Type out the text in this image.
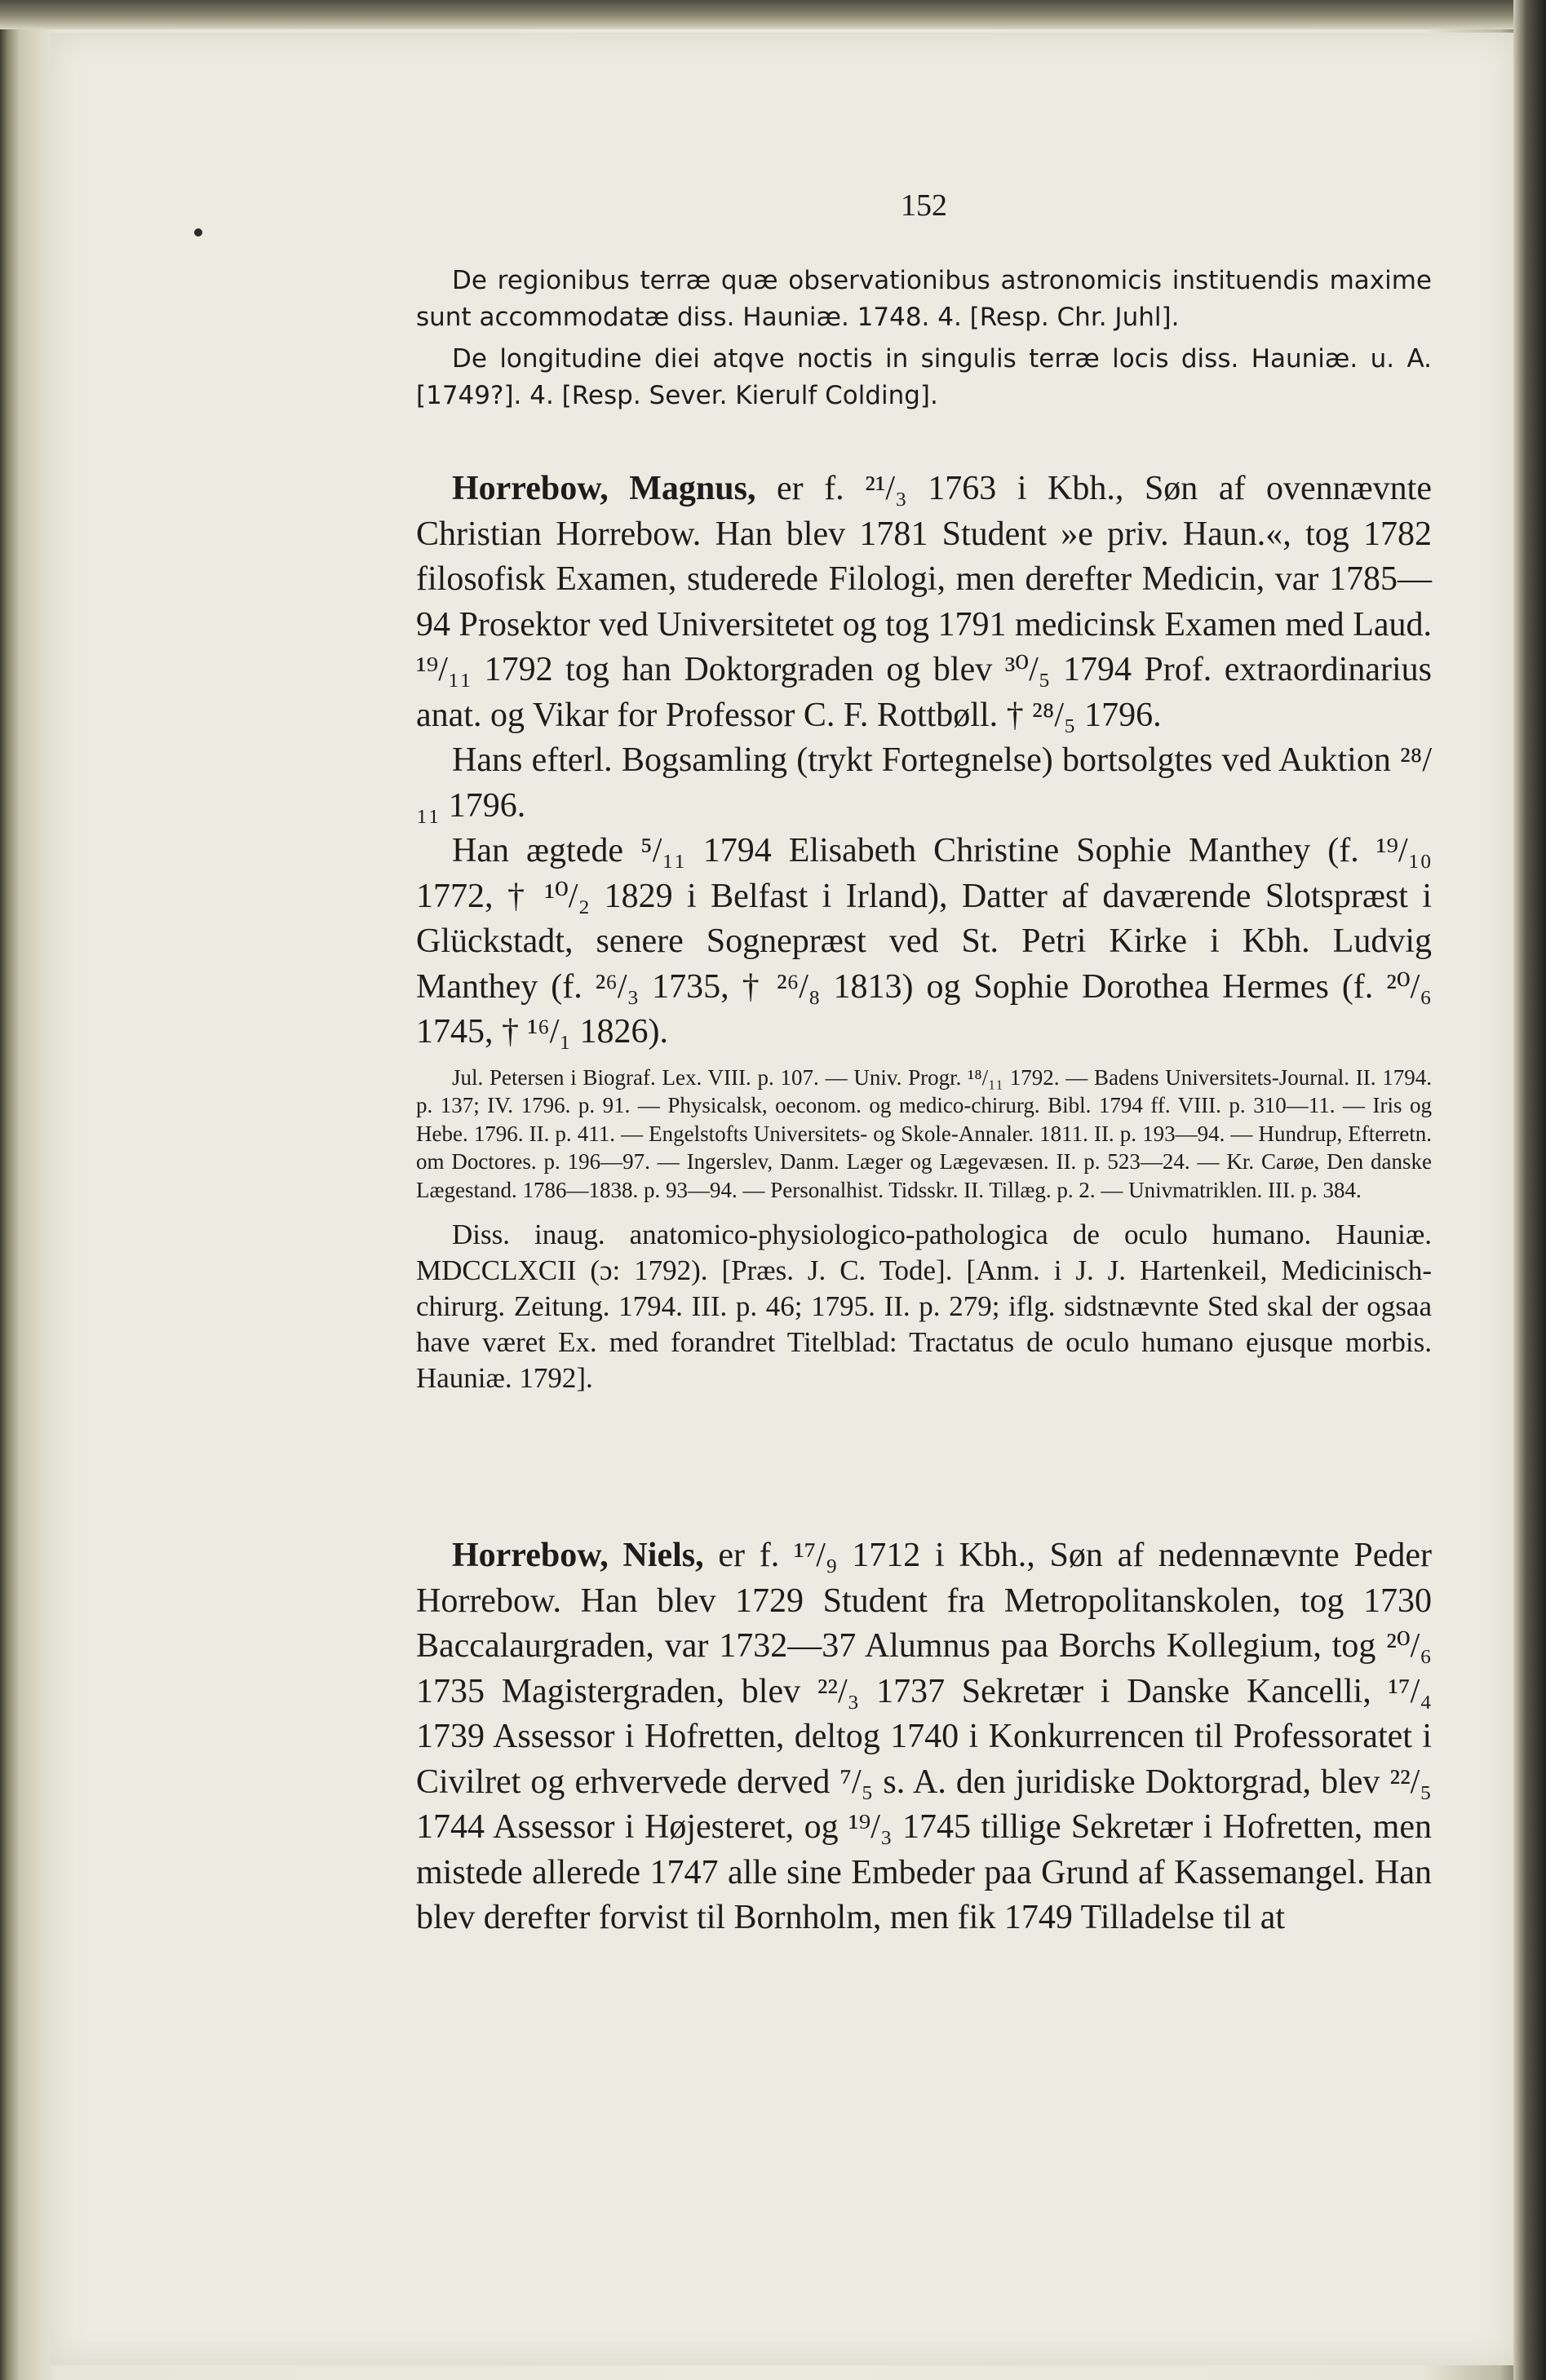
152

De regionibus terræ quæ observationibus astronomicis instituendis maxime sunt accommodatæ diss. Hauniæ. 1748. 4. [Resp. Chr. Juhl].

De longitudine diei atqve noctis in singulis terræ locis diss. Hauniæ. u. A. [1749?]. 4. [Resp. Sever. Kierulf Colding].

Horrebow, Magnus, er f. ²¹/₃ 1763 i Kbh., Søn af ovennævnte Christian Horrebow. Han blev 1781 Student »e priv. Haun.«, tog 1782 filosofisk Examen, studerede Filologi, men derefter Medicin, var 1785—94 Prosektor ved Universitetet og tog 1791 medicinsk Examen med Laud. ¹⁹/₁₁ 1792 tog han Doktorgraden og blev ³⁰/₅ 1794 Prof. extraordinarius anat. og Vikar for Professor C. F. Rottbøll. † ²⁸/₅ 1796.

Hans efterl. Bogsamling (trykt Fortegnelse) bortsolgtes ved Auktion ²⁸/₁₁ 1796.

Han ægtede ⁵/₁₁ 1794 Elisabeth Christine Sophie Manthey (f. ¹⁹/₁₀ 1772, † ¹⁰/₂ 1829 i Belfast i Irland), Datter af daværende Slotspræst i Glückstadt, senere Sognepræst ved St. Petri Kirke i Kbh. Ludvig Manthey (f. ²⁶/₃ 1735, † ²⁶/₈ 1813) og Sophie Dorothea Hermes (f. ²⁰/₆ 1745, † ¹⁶/₁ 1826).

Jul. Petersen i Biograf. Lex. VIII. p. 107. — Univ. Progr. ¹⁸/₁₁ 1792. — Badens Universitets-Journal. II. 1794. p. 137; IV. 1796. p. 91. — Physicalsk, oeconom. og medico-chirurg. Bibl. 1794 ff. VIII. p. 310—11. — Iris og Hebe. 1796. II. p. 411. — Engelstofts Universitets- og Skole-Annaler. 1811. II. p. 193—94. — Hundrup, Efterretn. om Doctores. p. 196—97. — Ingerslev, Danm. Læger og Lægevæsen. II. p. 523—24. — Kr. Carøe, Den danske Lægestand. 1786—1838. p. 93—94. — Personalhist. Tidsskr. II. Tillæg. p. 2. — Univmatriklen. III. p. 384.

Diss. inaug. anatomico-physiologico-pathologica de oculo humano. Hauniæ. MDCCLXCII (ɔ: 1792). [Præs. J. C. Tode]. [Anm. i J. J. Hartenkeil, Medicinisch-chirurg. Zeitung. 1794. III. p. 46; 1795. II. p. 279; iflg. sidstnævnte Sted skal der ogsaa have været Ex. med forandret Titelblad: Tractatus de oculo humano ejusque morbis. Hauniæ. 1792].

Horrebow, Niels, er f. ¹⁷/₉ 1712 i Kbh., Søn af nedennævnte Peder Horrebow. Han blev 1729 Student fra Metropolitanskolen, tog 1730 Baccalaurgraden, var 1732—37 Alumnus paa Borchs Kollegium, tog ²⁰/₆ 1735 Magistergraden, blev ²²/₃ 1737 Sekretær i Danske Kancelli, ¹⁷/₄ 1739 Assessor i Hofretten, deltog 1740 i Konkurrencen til Professoratet i Civilret og erhvervede derved ⁷/₅ s. A. den juridiske Doktorgrad, blev ²²/₅ 1744 Assessor i Højesteret, og ¹⁹/₃ 1745 tillige Sekretær i Hofretten, men mistede allerede 1747 alle sine Embeder paa Grund af Kassemangel. Han blev derefter forvist til Bornholm, men fik 1749 Tilladelse til at
